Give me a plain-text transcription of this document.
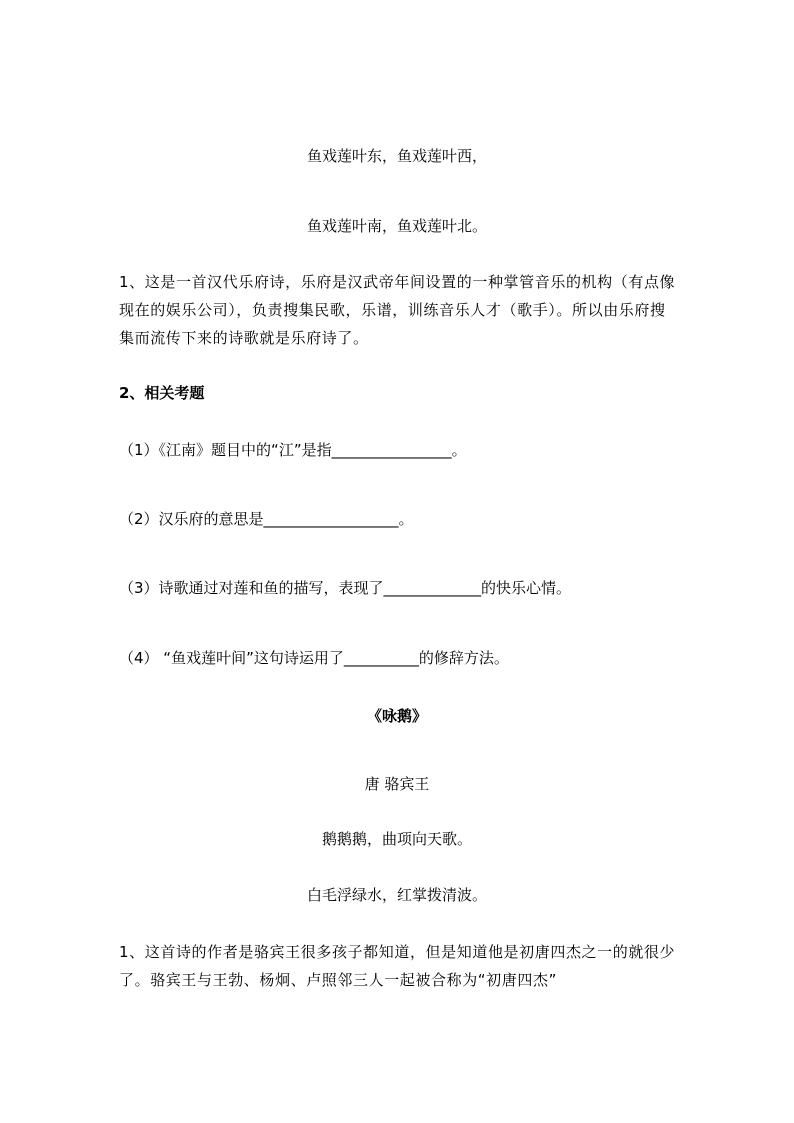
鱼戏莲叶东，鱼戏莲叶西，
鱼戏莲叶南，鱼戏莲叶北。
1、这是一首汉代乐府诗，乐府是汉武帝年间设置的一种掌管音乐的机构（有点像现在的娱乐公司），负责搜集民歌，乐谱，训练音乐人才（歌手）。所以由乐府搜集而流传下来的诗歌就是乐府诗了。
2、相关考题
（1）《江南》题目中的“江”是指________________。
（2）汉乐府的意思是__________________。
（3）诗歌通过对莲和鱼的描写，表现了_____________的快乐心情。
（4） “鱼戏莲叶间”这句诗运用了__________的修辞方法。
《咏鹅》
唐 骆宾王
鹅鹅鹅，曲项向天歌。
白毛浮绿水，红掌拨清波。
1、这首诗的作者是骆宾王很多孩子都知道，但是知道他是初唐四杰之一的就很少了。骆宾王与王勃、杨炯、卢照邻三人一起被合称为“初唐四杰”
